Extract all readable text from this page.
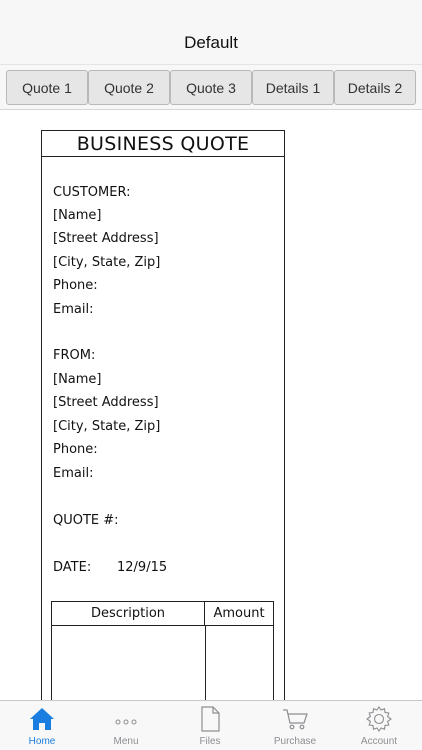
Default
Quote 1	Quote 2	Quote 3	Details 1	Details 2
BUSINESS QUOTE
CUSTOMER:
[Name]
[Street Address]
[City, State, Zip]
Phone:
Email:
FROM:
[Name]
[Street Address]
[City, State, Zip]
Phone:
Email:
QUOTE #:
DATE: 12/9/15
Description	Amount
Home	Menu	Files	Purchase	Account
